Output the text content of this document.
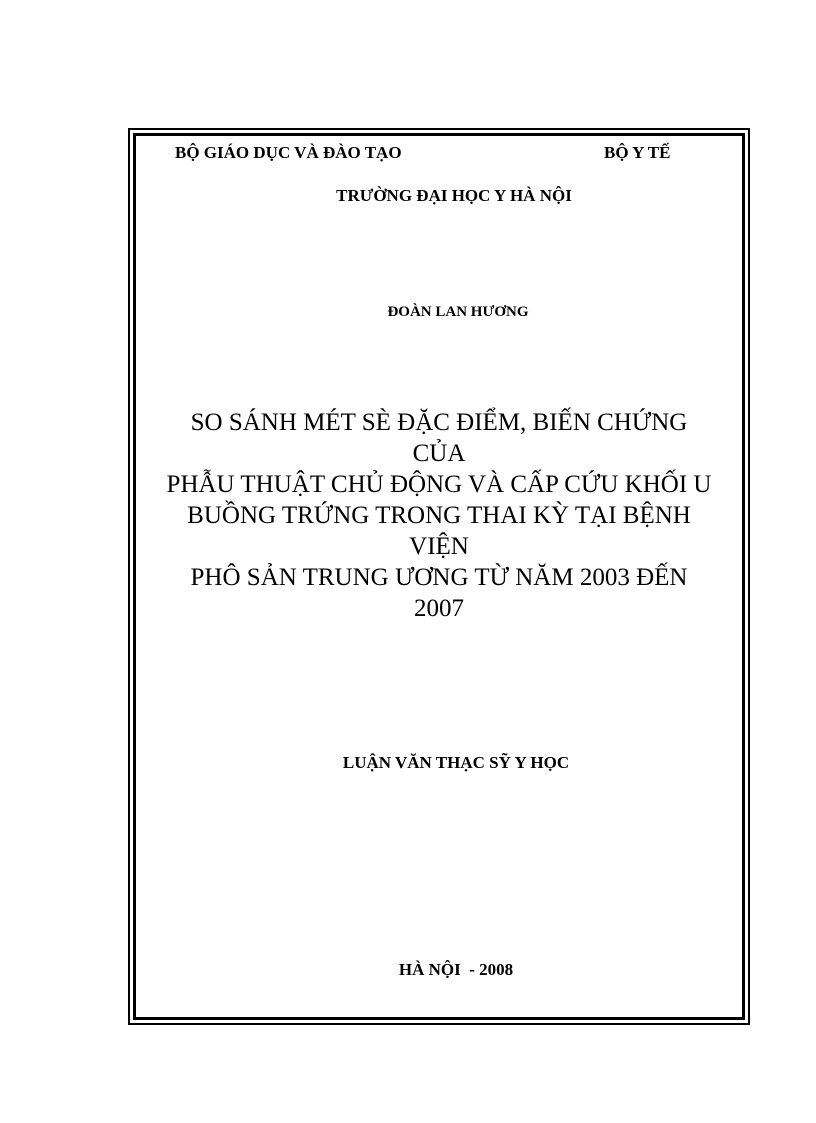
BỘ GIÁO DỤC VÀ ĐÀO TẠO	BỘ Y TẾ
TRƯỜNG ĐẠI HỌC Y HÀ NỘI
ĐOÀN LAN HƯƠNG
SO SÁNH MÉT SÈ ĐẶC ĐIỂM, BIẾN CHỨNG
CỦA
PHẪU THUẬT CHỦ ĐỘNG VÀ CẤP CỨU KHỐI U
BUỒNG TRỨNG TRONG THAI KỲ TẠI BỆNH
VIỆN
PHÔ SẢN TRUNG ƯƠNG TỪ NĂM 2003 ĐẾN
2007
LUẬN VĂN THẠC SỸ Y HỌC
HÀ NỘI  - 2008
